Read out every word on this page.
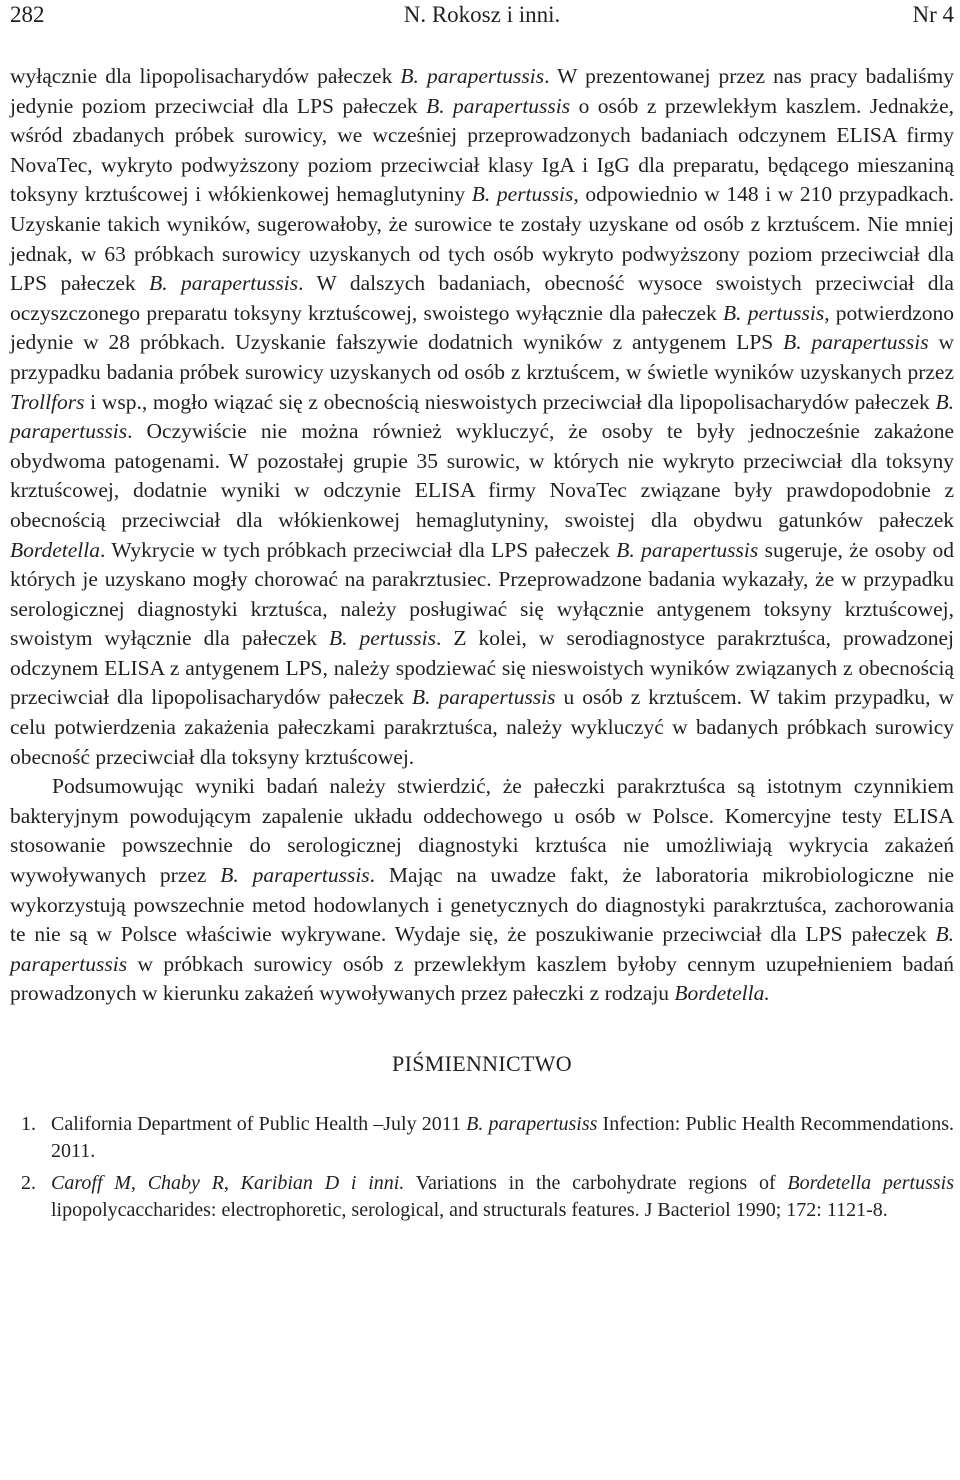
N. Rokosz i inni.
282	Nr 4

wyłącznie dla lipopolisacharydów pałeczek B. parapertussis. W prezentowanej przez nas pracy badaliśmy jedynie poziom przeciwciał dla LPS pałeczek B. parapertussis o osób z przewlekłym kaszlem. Jednakże, wśród zbadanych próbek surowicy, we wcześniej przeprowadzonych badaniach odczynem ELISA firmy NovaTec, wykryto podwyższony poziom przeciwciał klasy IgA i IgG dla preparatu, będącego mieszaniną toksyny krztuścowej i włókienkowej hemaglutyniny B. pertussis, odpowiednio w 148 i w 210 przypadkach. Uzyskanie takich wyników, sugerowałoby, że surowice te zostały uzyskane od osób z krztuścem. Nie mniej jednak, w 63 próbkach surowicy uzyskanych od tych osób wykryto podwyższony poziom przeciwciał dla LPS pałeczek B. parapertussis. W dalszych badaniach, obecność wysoce swoistych przeciwciał dla oczyszczonego preparatu toksyny krztuścowej, swoistego wyłącznie dla pałeczek B. pertussis, potwierdzono jedynie w 28 próbkach. Uzyskanie fałszywie dodatnich wyników z antygenem LPS B. parapertussis w przypadku badania próbek surowicy uzyskanych od osób z krztuścem, w świetle wyników uzyskanych przez Trollfors i wsp., mogło wiązać się z obecnością nieswoistych przeciwciał dla lipopolisacharydów pałeczek B. parapertussis. Oczywiście nie można również wykluczyć, że osoby te były jednocześnie zakażone obydwoma patogenami. W pozostałej grupie 35 surowic, w których nie wykryto przeciwciał dla toksyny krztuścowej, dodatnie wyniki w odczynie ELISA firmy NovaTec związane były prawdopodobnie z obecnością przeciwciał dla włókienkowej hemaglutyniny, swoistej dla obydwu gatunków pałeczek Bordetella. Wykrycie w tych próbkach przeciwciał dla LPS pałeczek B. parapertussis sugeruje, że osoby od których je uzyskano mogły chorować na parakrztusiec. Przeprowadzone badania wykazały, że w przypadku serologicznej diagnostyki krztuśca, należy posługiwać się wyłącznie antygenem toksyny krztuścowej, swoistym wyłącznie dla pałeczek B. pertussis. Z kolei, w serodiagnostyce parakrztuśca, prowadzonej odczynem ELISA z antygenem LPS, należy spodziewać się nieswoistych wyników związanych z obecnością przeciwciał dla lipopolisacharydów pałeczek B. parapertussis u osób z krztuścem. W takim przypadku, w celu potwierdzenia zakażenia pałeczkami parakrztuśca, należy wykluczyć w badanych próbkach surowicy obecność przeciwciał dla toksyny krztuścowej.

Podsumowując wyniki badań należy stwierdzić, że pałeczki parakrztuśca są istotnym czynnikiem bakteryjnym powodującym zapalenie układu oddechowego u osób w Polsce. Komercyjne testy ELISA stosowanie powszechnie do serologicznej diagnostyki krztuśca nie umożliwiają wykrycia zakażeń wywoływanych przez B. parapertussis. Mając na uwadze fakt, że laboratoria mikrobiologiczne nie wykorzystują powszechnie metod hodowlanych i genetycznych do diagnostyki parakrztuśca, zachorowania te nie są w Polsce właściwie wykrywane. Wydaje się, że poszukiwanie przeciwciał dla LPS pałeczek B. parapertussis w próbkach surowicy osób z przewlekłym kaszlem byłoby cennym uzupełnieniem badań prowadzonych w kierunku zakażeń wywoływanych przez pałeczki z rodzaju Bordetella.

PIŚMIENNICTWO
1. California Department of Public Health –July 2011 B. parapertusiss Infection: Public Health Recommendations. 2011.
2. Caroff M, Chaby R, Karibian D i inni. Variations in the carbohydrate regions of Bordetella pertussis lipopolycaccharides: electrophoretic, serological, and structurals features. J Bacteriol 1990; 172: 1121-8.
